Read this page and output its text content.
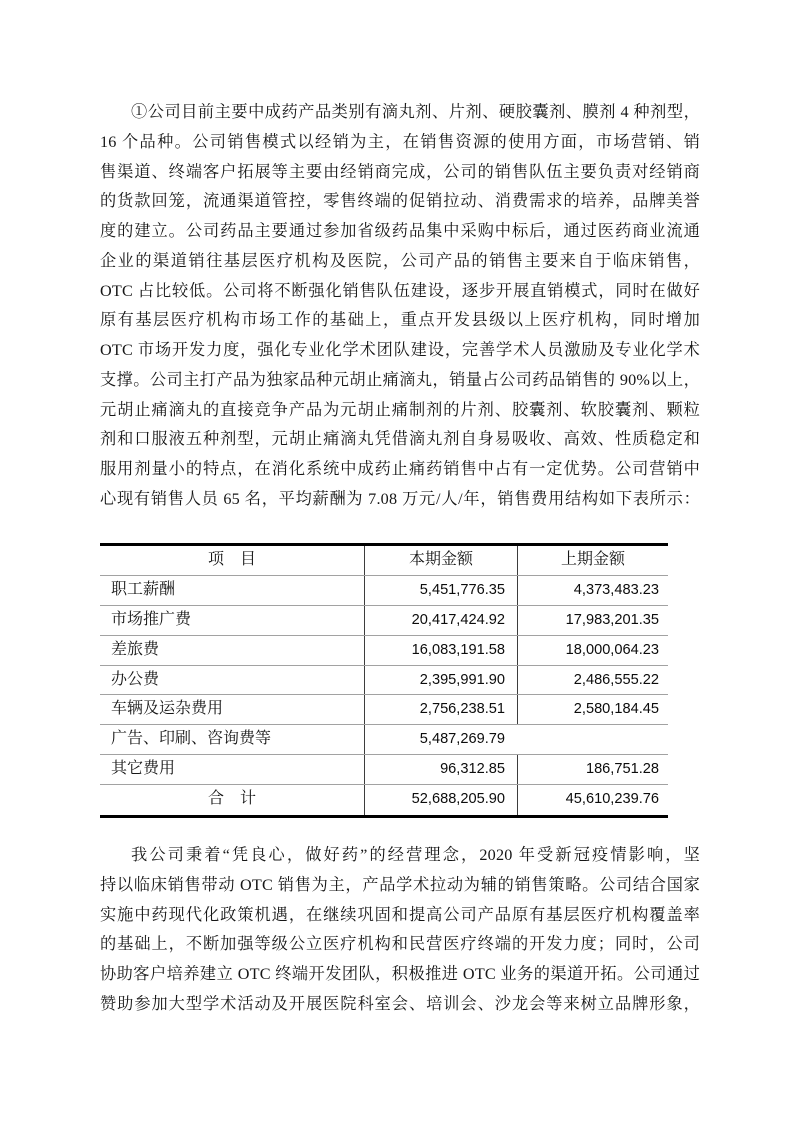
①公司目前主要中成药产品类别有滴丸剂、片剂、硬胶囊剂、膜剂 4 种剂型，
16 个品种。公司销售模式以经销为主，在销售资源的使用方面，市场营销、销
售渠道、终端客户拓展等主要由经销商完成，公司的销售队伍主要负责对经销商
的货款回笼，流通渠道管控，零售终端的促销拉动、消费需求的培养，品牌美誉
度的建立。公司药品主要通过参加省级药品集中采购中标后，通过医药商业流通
企业的渠道销往基层医疗机构及医院，公司产品的销售主要来自于临床销售，
OTC 占比较低。公司将不断强化销售队伍建设，逐步开展直销模式，同时在做好
原有基层医疗机构市场工作的基础上，重点开发县级以上医疗机构，同时增加
OTC 市场开发力度，强化专业化学术团队建设，完善学术人员激励及专业化学术
支撑。公司主打产品为独家品种元胡止痛滴丸，销量占公司药品销售的 90%以上，
元胡止痛滴丸的直接竞争产品为元胡止痛制剂的片剂、胶囊剂、软胶囊剂、颗粒
剂和口服液五种剂型，元胡止痛滴丸凭借滴丸剂自身易吸收、高效、性质稳定和
服用剂量小的特点，在消化系统中成药止痛药销售中占有一定优势。公司营销中
心现有销售人员 65 名，平均薪酬为 7.08 万元/人/年，销售费用结构如下表所示：
项　目	本期金额	上期金额
职工薪酬	5,451,776.35	4,373,483.23
市场推广费	20,417,424.92	17,983,201.35
差旅费	16,083,191.58	18,000,064.23
办公费	2,395,991.90	2,486,555.22
车辆及运杂费用	2,756,238.51	2,580,184.45
广告、印刷、咨询费等	5,487,269.79
其它费用	96,312.85	186,751.28
合　计	52,688,205.90	45,610,239.76
我公司秉着“凭良心，做好药”的经营理念，2020 年受新冠疫情影响，坚
持以临床销售带动 OTC 销售为主，产品学术拉动为辅的销售策略。公司结合国家
实施中药现代化政策机遇，在继续巩固和提高公司产品原有基层医疗机构覆盖率
的基础上，不断加强等级公立医疗机构和民营医疗终端的开发力度；同时，公司
协助客户培养建立 OTC 终端开发团队，积极推进 OTC 业务的渠道开拓。公司通过
赞助参加大型学术活动及开展医院科室会、培训会、沙龙会等来树立品牌形象，
